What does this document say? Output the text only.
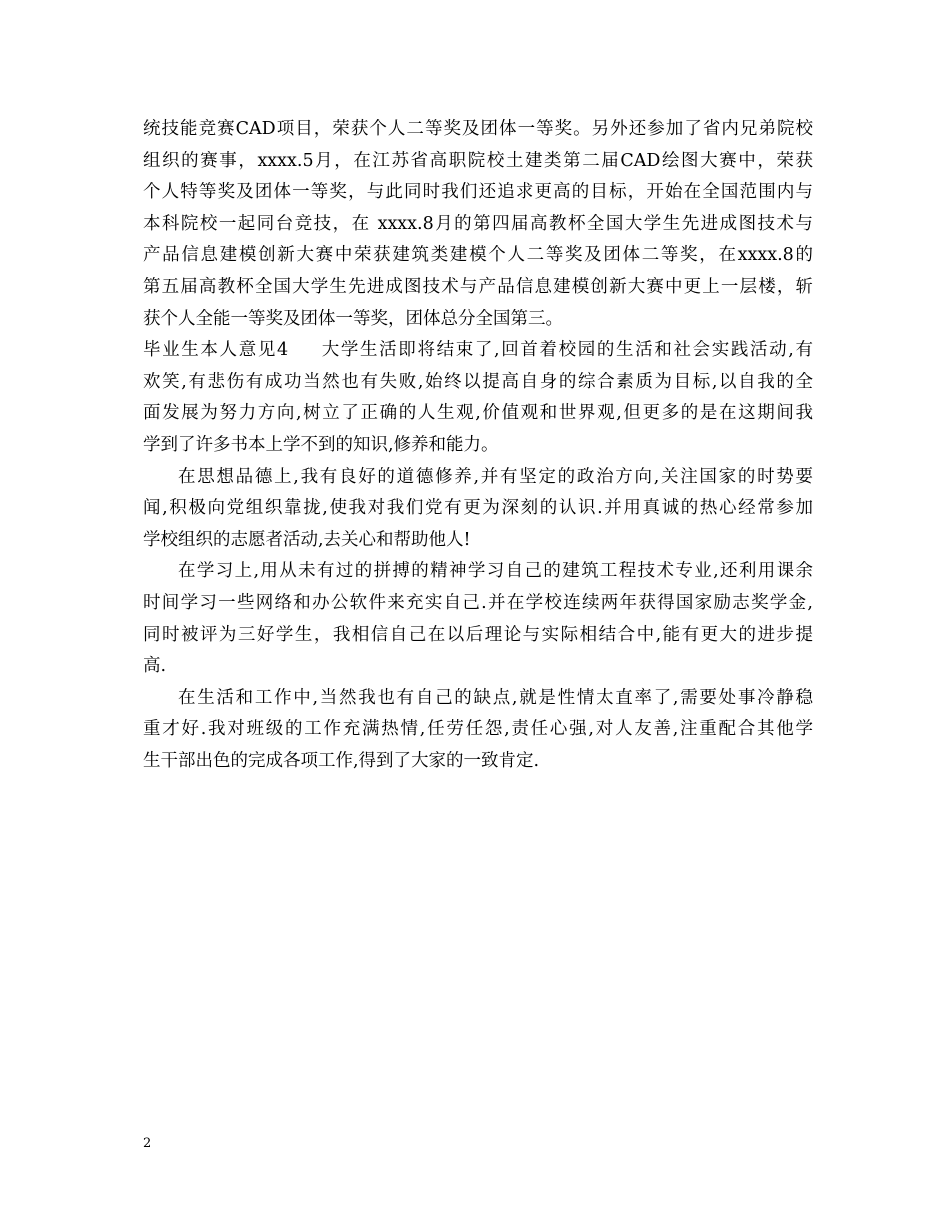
统技能竞赛CAD项目，荣获个人二等奖及团体一等奖。另外还参加了省内兄弟院校
组织的赛事，xxxx.5月，在江苏省高职院校土建类第二届CAD绘图大赛中，荣获
个人特等奖及团体一等奖，与此同时我们还追求更高的目标，开始在全国范围内与
本科院校一起同台竞技，在 xxxx.8月的第四届高教杯全国大学生先进成图技术与
产品信息建模创新大赛中荣获建筑类建模个人二等奖及团体二等奖，在xxxx.8的
第五届高教杯全国大学生先进成图技术与产品信息建模创新大赛中更上一层楼，斩
获个人全能一等奖及团体一等奖，团体总分全国第三。

毕业生本人意见4 大学生活即将结束了,回首着校园的生活和社会实践活动,有
欢笑,有悲伤有成功当然也有失败,始终以提高自身的综合素质为目标,以自我的全
面发展为努力方向,树立了正确的人生观,价值观和世界观,但更多的是在这期间我
学到了许多书本上学不到的知识,修养和能力。

在思想品德上,我有良好的道德修养,并有坚定的政治方向,关注国家的时势要
闻,积极向党组织靠拢,使我对我们党有更为深刻的认识.并用真诚的热心经常参加
学校组织的志愿者活动,去关心和帮助他人!

在学习上,用从未有过的拼搏的精神学习自己的建筑工程技术专业,还利用课余
时间学习一些网络和办公软件来充实自己.并在学校连续两年获得国家励志奖学金,
同时被评为三好学生，我相信自己在以后理论与实际相结合中,能有更大的进步提
高.

在生活和工作中,当然我也有自己的缺点,就是性情太直率了,需要处事冷静稳
重才好.我对班级的工作充满热情,任劳任怨,责任心强,对人友善,注重配合其他学
生干部出色的完成各项工作,得到了大家的一致肯定.

2
